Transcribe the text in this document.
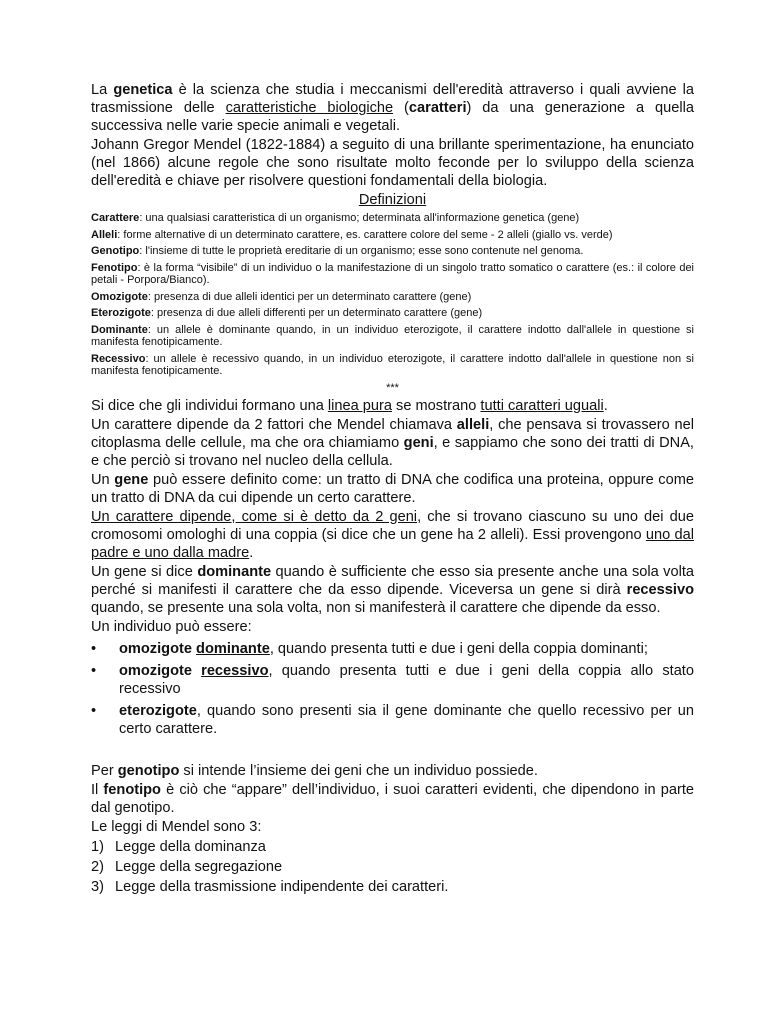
La genetica è la scienza che studia i meccanismi dell'eredità attraverso i quali avviene la trasmissione delle caratteristiche biologiche (caratteri) da una generazione a quella successiva nelle varie specie animali e vegetali.

Johann Gregor Mendel (1822-1884) a seguito di una brillante sperimentazione, ha enunciato (nel 1866) alcune regole che sono risultate molto feconde per lo sviluppo della scienza dell'eredità e chiave per risolvere questioni fondamentali della biologia.

Definizioni

Carattere: una qualsiasi caratteristica di un organismo; determinata all'informazione genetica (gene)

Alleli: forme alternative di un determinato carattere, es. carattere colore del seme - 2 alleli (giallo vs. verde)

Genotipo: l'insieme di tutte le proprietà ereditarie di un organismo; esse sono contenute nel genoma.

Fenotipo: è la forma “visibile” di un individuo o la manifestazione di un singolo tratto somatico o carattere (es.: il colore dei petali - Porpora/Bianco).

Omozigote: presenza di due alleli identici per un determinato carattere (gene)

Eterozigote: presenza di due alleli differenti per un determinato carattere (gene)

Dominante: un allele è dominante quando, in un individuo eterozigote, il carattere indotto dall'allele in questione si manifesta fenotipicamente.

Recessivo: un allele è recessivo quando, in un individuo eterozigote, il carattere indotto dall'allele in questione non si manifesta fenotipicamente.

***

Si dice che gli individui formano una linea pura se mostrano tutti caratteri uguali.

Un carattere dipende da 2 fattori che Mendel chiamava alleli, che pensava si trovassero nel citoplasma delle cellule, ma che ora chiamiamo geni, e sappiamo che sono dei tratti di DNA, e che perciò si trovano nel nucleo della cellula.

Un gene può essere definito come: un tratto di DNA che codifica una proteina, oppure come un tratto di DNA da cui dipende un certo carattere.

Un carattere dipende, come si è detto da 2 geni, che si trovano ciascuno su uno dei due cromosomi omologhi di una coppia (si dice che un gene ha 2 alleli). Essi provengono uno dal padre e uno dalla madre.

Un gene si dice dominante quando è sufficiente che esso sia presente anche una sola volta perché si manifesti il carattere che da esso dipende. Viceversa un gene si dirà recessivo quando, se presente una sola volta, non si manifesterà il carattere che dipende da esso.

Un individuo può essere:

•	omozigote dominante, quando presenta tutti e due i geni della coppia dominanti;
•	omozigote recessivo, quando presenta tutti e due i geni della coppia allo stato recessivo
•	eterozigote, quando sono presenti sia il gene dominante che quello recessivo per un certo carattere.

Per genotipo si intende l’insieme dei geni che un individuo possiede.

Il fenotipo è ciò che “appare” dell’individuo, i suoi caratteri evidenti, che dipendono in parte dal genotipo.

Le leggi di Mendel sono 3:

1) Legge della dominanza
2) Legge della segregazione
3) Legge della trasmissione indipendente dei caratteri.
